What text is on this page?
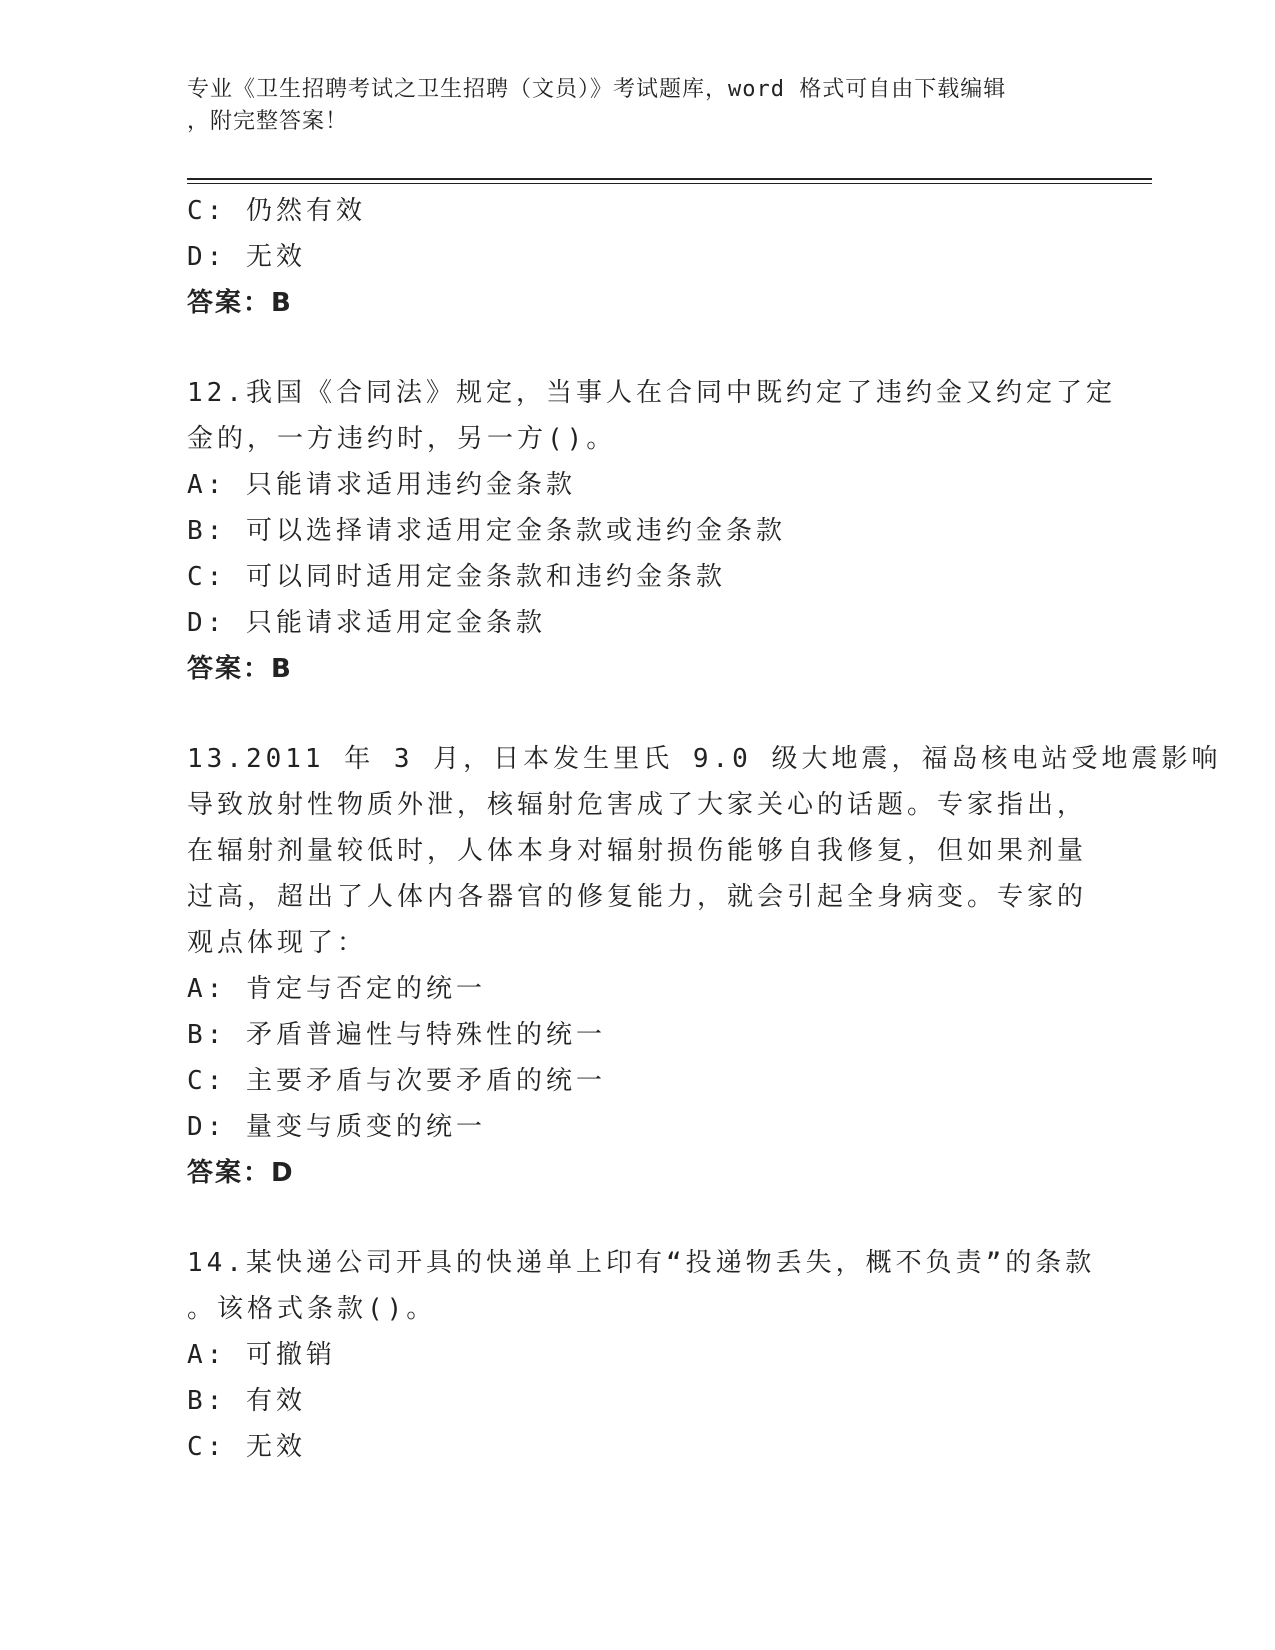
专业《卫生招聘考试之卫生招聘（文员）》考试题库，word 格式可自由下载编辑
，附完整答案！
C: 仍然有效
D: 无效
答案：B
12.我国《合同法》规定，当事人在合同中既约定了违约金又约定了定
金的，一方违约时，另一方()。
A: 只能请求适用违约金条款
B: 可以选择请求适用定金条款或违约金条款
C: 可以同时适用定金条款和违约金条款
D: 只能请求适用定金条款
答案：B
13.2011 年 3 月，日本发生里氏 9.0 级大地震，福岛核电站受地震影响
导致放射性物质外泄，核辐射危害成了大家关心的话题。专家指出，
在辐射剂量较低时，人体本身对辐射损伤能够自我修复，但如果剂量
过高，超出了人体内各器官的修复能力，就会引起全身病变。专家的
观点体现了：
A: 肯定与否定的统一
B: 矛盾普遍性与特殊性的统一
C: 主要矛盾与次要矛盾的统一
D: 量变与质变的统一
答案：D
14.某快递公司开具的快递单上印有“投递物丢失，概不负责”的条款
。该格式条款()。
A: 可撤销
B: 有效
C: 无效
